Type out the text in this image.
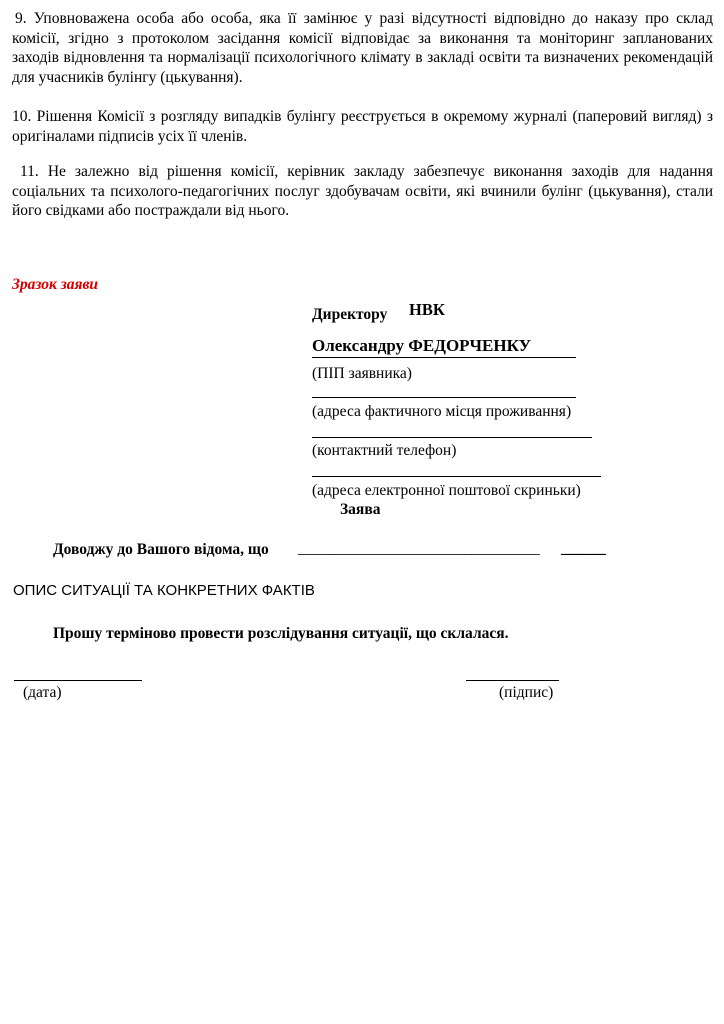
9. Уповноважена особа або особа, яка її замінює у разі відсутності відповідно до наказу про склад комісії, згідно з протоколом засідання комісії відповідає за виконання та моніторинг запланованих заходів відновлення та нормалізації психологічного клімату в закладі освіти та визначених рекомендацій для учасників булінгу (цькування).

10. Рішення Комісії з розгляду випадків булінгу реєструється в окремому журналі (паперовий вигляд) з оригіналами підписів усіх її членів.

11. Не залежно від рішення комісії, керівник закладу забезпечує виконання заходів для надання соціальних та психолого-педагогічних послуг здобувачам освіти, які вчинили булінг (цькування), стали його свідками або постраждали від нього.

Зразок заяви
Директору НВК
Олександру ФЕДОРЧЕНКУ
(ПІП заявника)
(адреса фактичного місця проживання)
(контактний телефон)
(адреса електронної поштової скриньки)
Заява
Доводжу до Вашого відома, що ________________________________ ______
ОПИС СИТУАЦІЇ ТА КОНКРЕТНИХ ФАКТІВ
Прошу терміново провести розслідування ситуації, що склалася.
(дата)	(підпис)
